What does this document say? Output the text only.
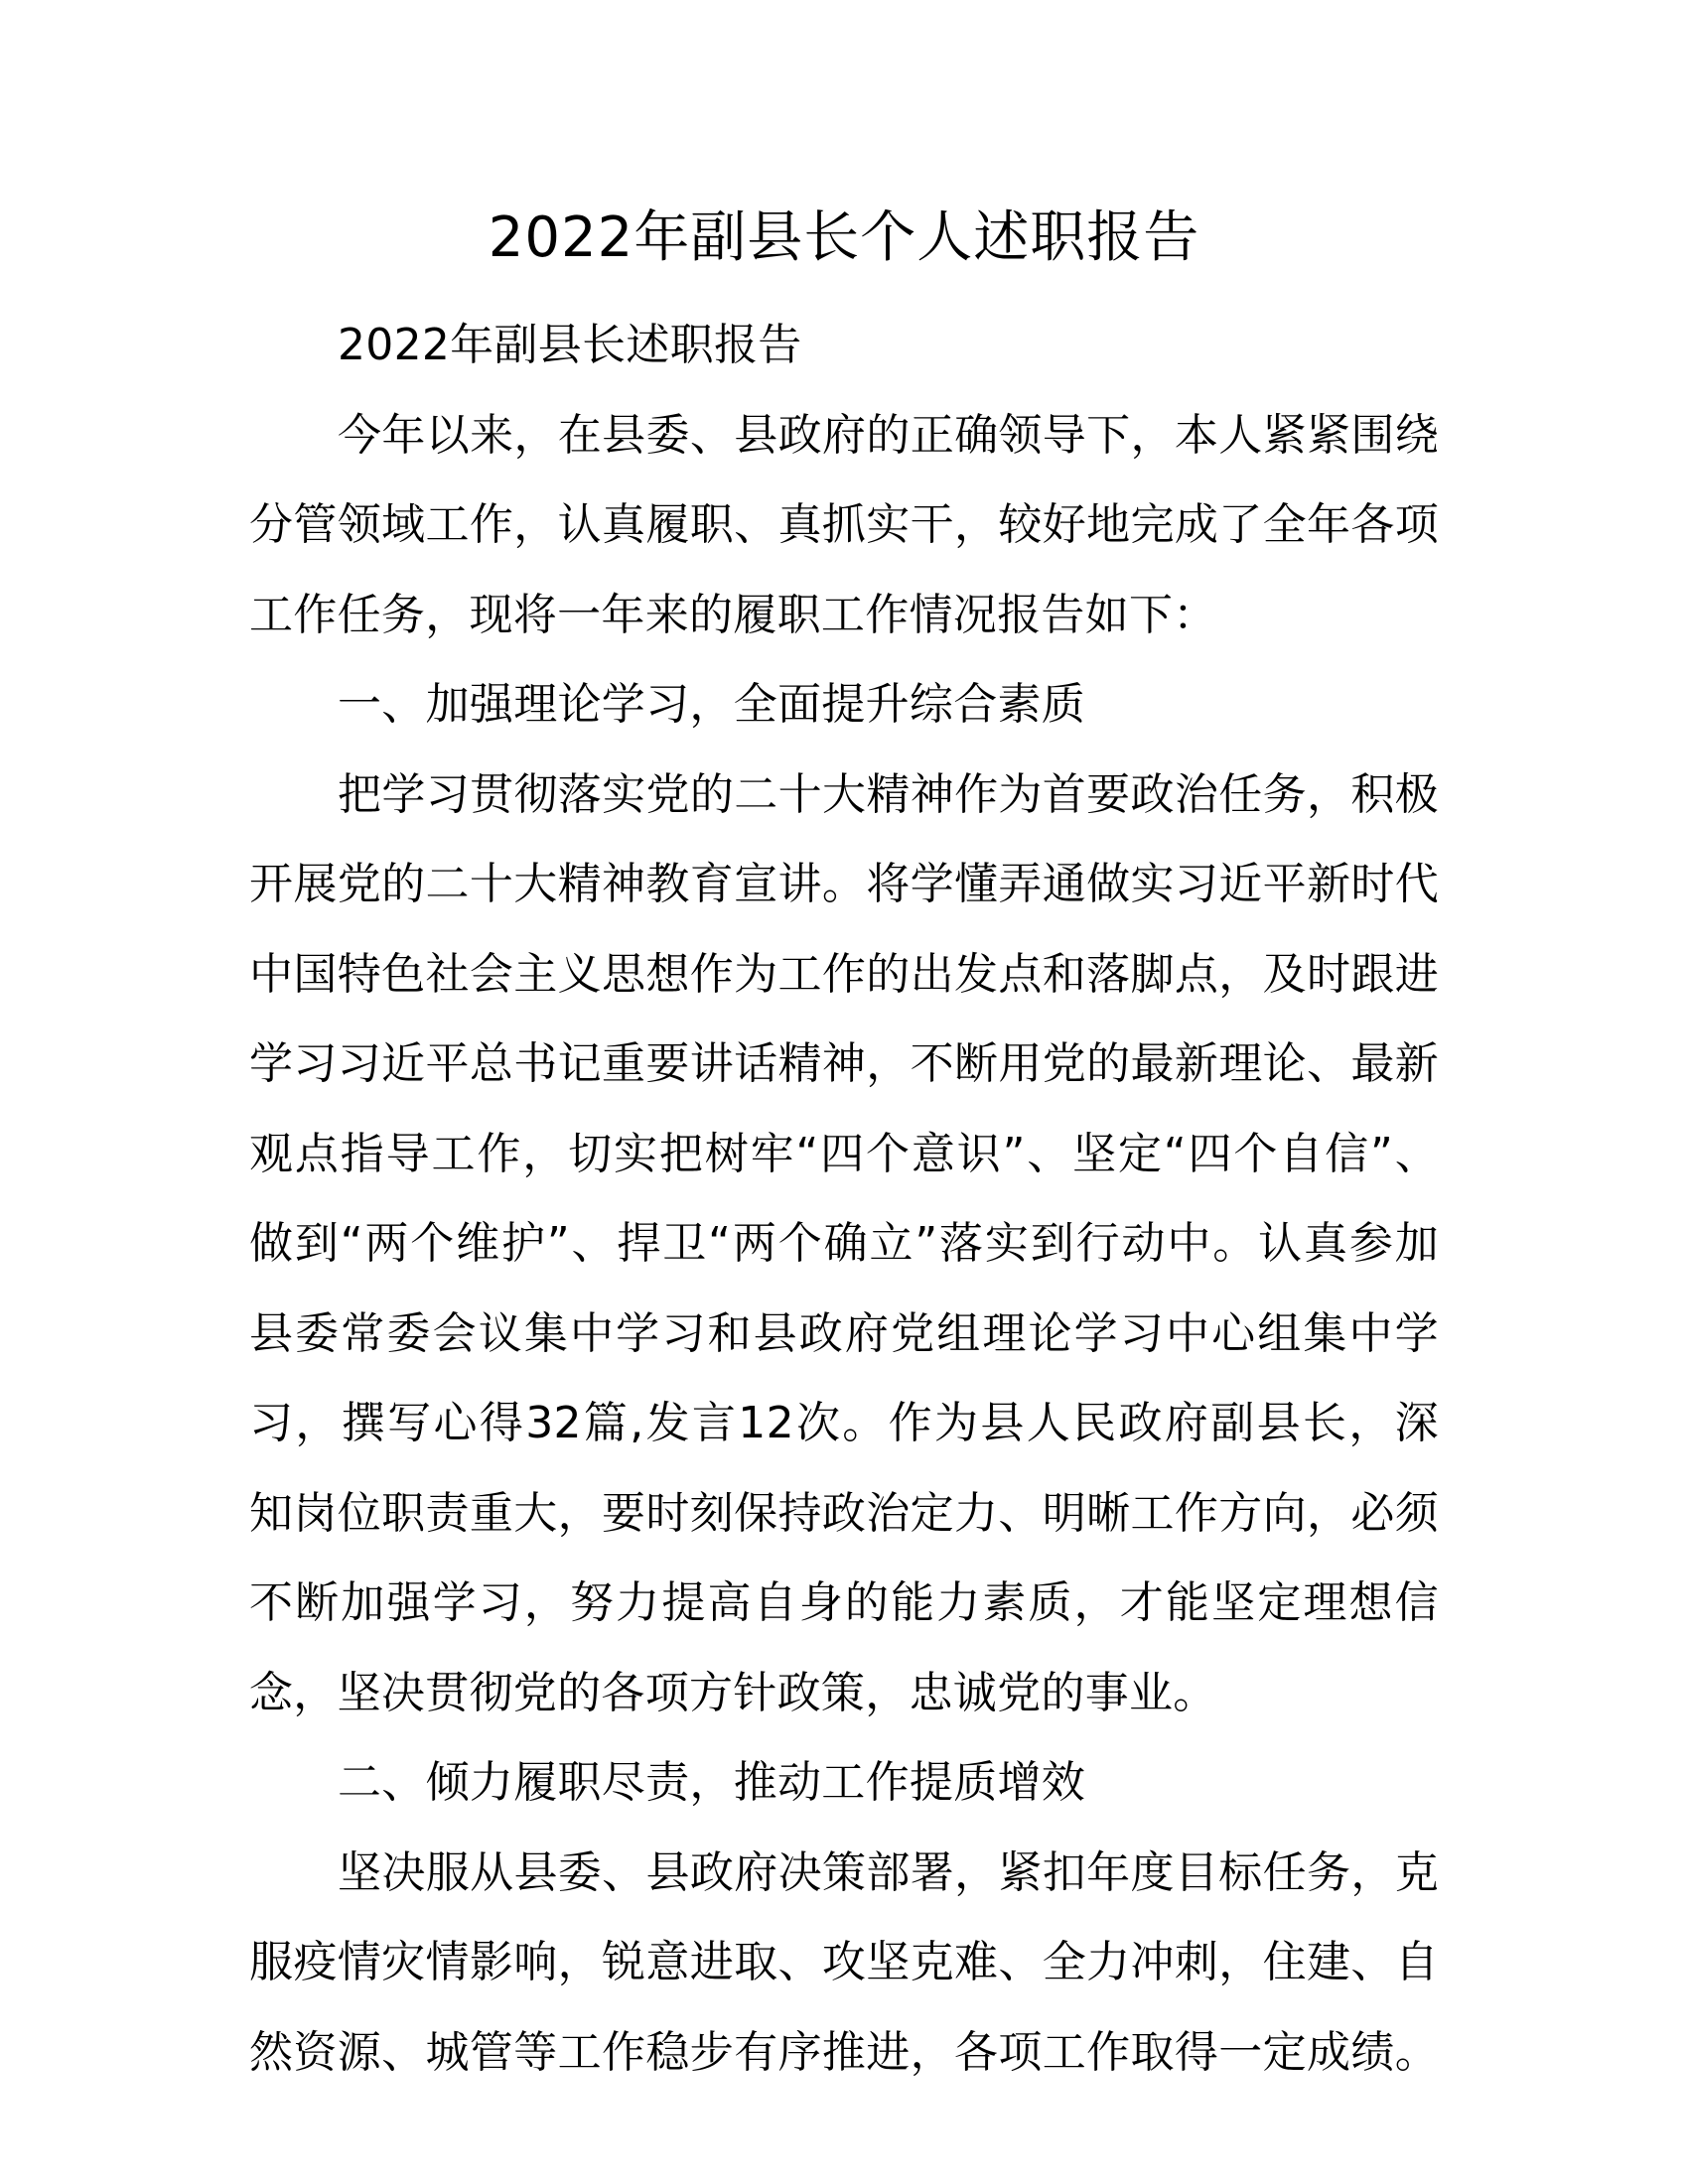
2022年副县长个人述职报告
2022年副县长述职报告
今年以来，在县委、县政府的正确领导下，本人紧紧围绕
分管领域工作，认真履职、真抓实干，较好地完成了全年各项
工作任务，现将一年来的履职工作情况报告如下：
一、加强理论学习，全面提升综合素质
把学习贯彻落实党的二十大精神作为首要政治任务，积极
开展党的二十大精神教育宣讲。将学懂弄通做实习近平新时代
中国特色社会主义思想作为工作的出发点和落脚点，及时跟进
学习习近平总书记重要讲话精神，不断用党的最新理论、最新
观点指导工作，切实把树牢“四个意识”、坚定“四个自信”、
做到“两个维护”、捍卫“两个确立”落实到行动中。认真参加
县委常委会议集中学习和县政府党组理论学习中心组集中学
习，撰写心得32篇,发言12次。作为县人民政府副县长，深
知岗位职责重大，要时刻保持政治定力、明晰工作方向，必须
不断加强学习，努力提高自身的能力素质，才能坚定理想信
念，坚决贯彻党的各项方针政策，忠诚党的事业。
二、倾力履职尽责，推动工作提质增效
坚决服从县委、县政府决策部署，紧扣年度目标任务，克
服疫情灾情影响，锐意进取、攻坚克难、全力冲刺，住建、自
然资源、城管等工作稳步有序推进，各项工作取得一定成绩。
